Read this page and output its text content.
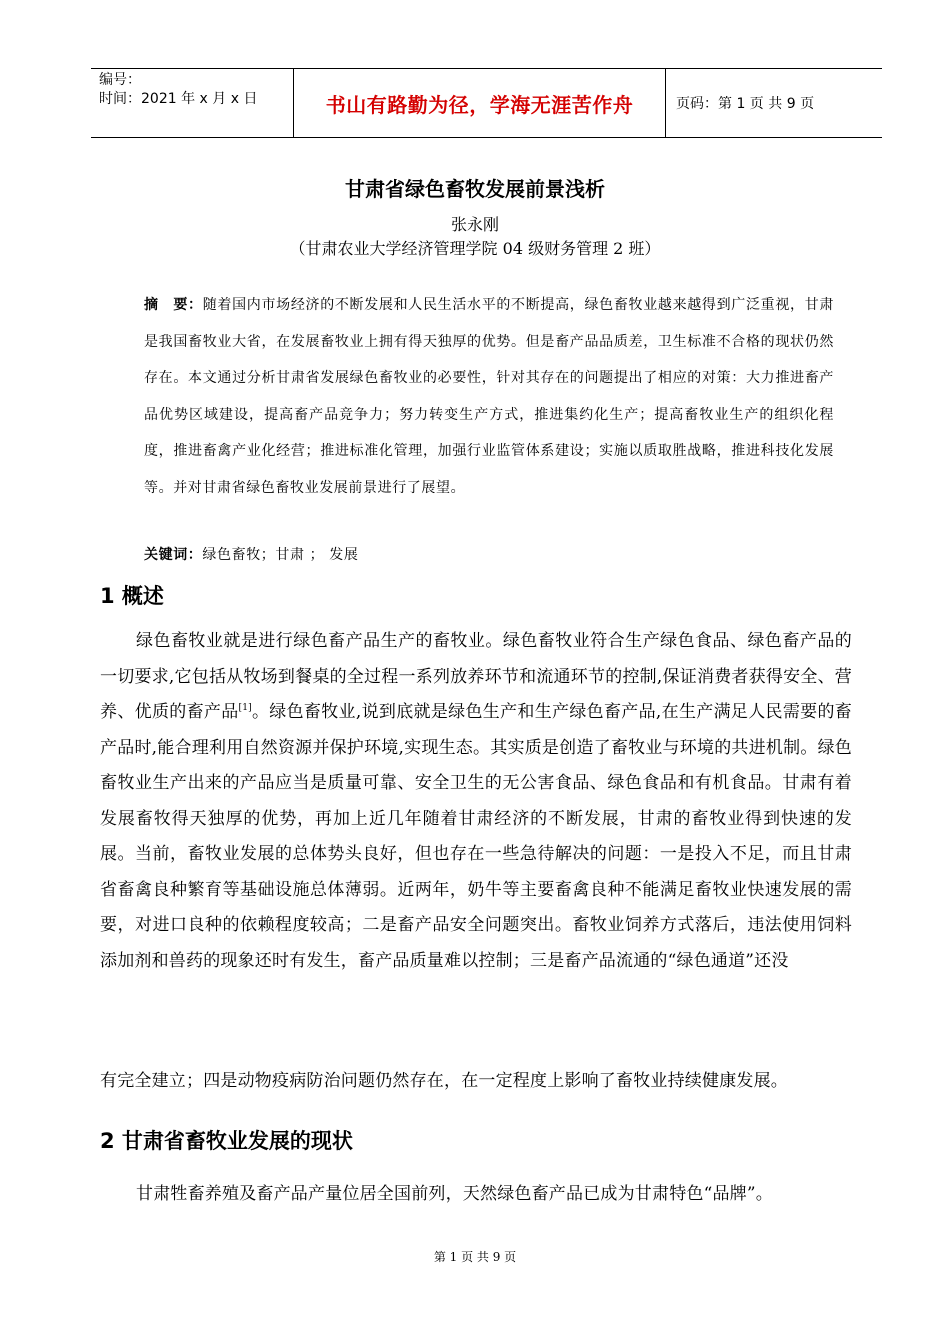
编号：
时间：2021 年 x 月 x 日	书山有路勤为径，学海无涯苦作舟	页码：第 1 页 共 9 页
甘肃省绿色畜牧发展前景浅析
张永刚
（甘肃农业大学经济管理学院 04 级财务管理 2 班）
摘　要：随着国内市场经济的不断发展和人民生活水平的不断提高，绿色畜牧业越来越得到广泛重视，甘肃是我国畜牧业大省，在发展畜牧业上拥有得天独厚的优势。但是畜产品品质差，卫生标准不合格的现状仍然存在。本文通过分析甘肃省发展绿色畜牧业的必要性，针对其存在的问题提出了相应的对策：大力推进畜产品优势区域建设，提高畜产品竞争力；努力转变生产方式，推进集约化生产；提高畜牧业生产的组织化程度，推进畜禽产业化经营；推进标准化管理，加强行业监管体系建设；实施以质取胜战略，推进科技化发展等。并对甘肃省绿色畜牧业发展前景进行了展望。
关键词：绿色畜牧；甘肃 ； 发展
1 概述

绿色畜牧业就是进行绿色畜产品生产的畜牧业。绿色畜牧业符合生产绿色食品、绿色畜产品的一切要求,它包括从牧场到餐桌的全过程一系列放养环节和流通环节的控制,保证消费者获得安全、营养、优质的畜产品[1]。绿色畜牧业,说到底就是绿色生产和生产绿色畜产品,在生产满足人民需要的畜产品时,能合理利用自然资源并保护环境,实现生态。其实质是创造了畜牧业与环境的共进机制。绿色畜牧业生产出来的产品应当是质量可靠、安全卫生的无公害食品、绿色食品和有机食品。甘肃有着发展畜牧得天独厚的优势，再加上近几年随着甘肃经济的不断发展，甘肃的畜牧业得到快速的发展。当前，畜牧业发展的总体势头良好，但也存在一些急待解决的问题：一是投入不足，而且甘肃省畜禽良种繁育等基础设施总体薄弱。近两年，奶牛等主要畜禽良种不能满足畜牧业快速发展的需要，对进口良种的依赖程度较高；二是畜产品安全问题突出。畜牧业饲养方式落后，违法使用饲料添加剂和兽药的现象还时有发生，畜产品质量难以控制；三是畜产品流通的“绿色通道”还没

有完全建立；四是动物疫病防治问题仍然存在，在一定程度上影响了畜牧业持续健康发展。
2 甘肃省畜牧业发展的现状
甘肃牲畜养殖及畜产品产量位居全国前列，天然绿色畜产品已成为甘肃特色“品牌”。
第 1 页 共 9 页
